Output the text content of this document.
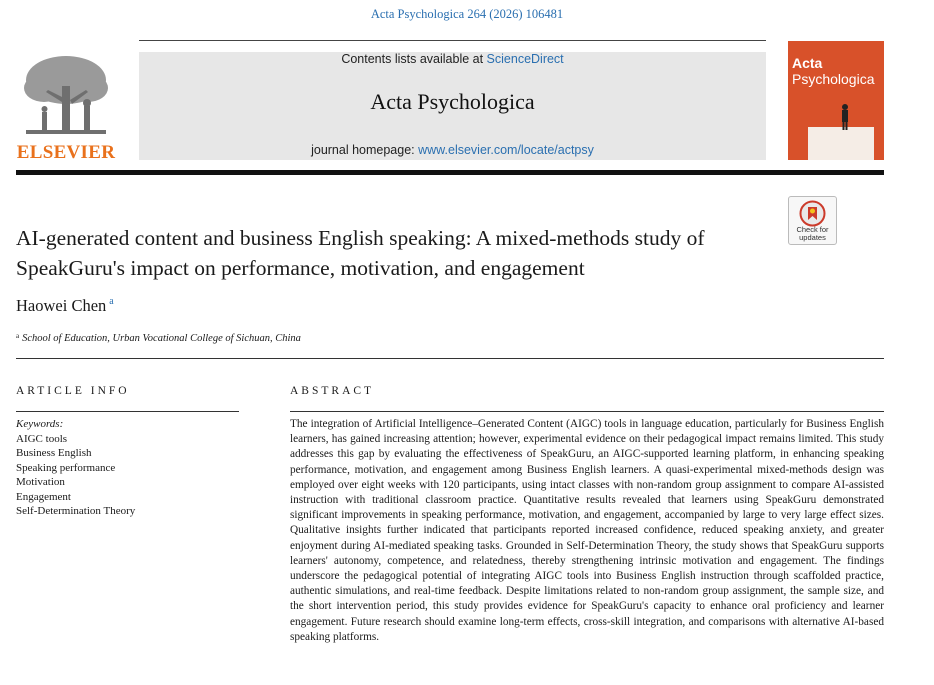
Acta Psychologica 264 (2026) 106481
ELSEVIER
Contents lists available at ScienceDirect
Acta Psychologica
journal homepage: www.elsevier.com/locate/actpsy
Acta
Psychologica
Check for updates
AI-generated content and business English speaking: A mixed-methods study of SpeakGuru's impact on performance, motivation, and engagement
Haowei Chen $^a$
$^a$ School of Education, Urban Vocational College of Sichuan, China
ARTICLE INFO	ABSTRACT
Keywords:
AIGC tools
Business English
Speaking performance
Motivation
Engagement
Self-Determination Theory
The integration of Artificial Intelligence–Generated Content (AIGC) tools in language education, particularly for Business English learners, has gained increasing attention; however, experimental evidence on their pedagogical impact remains limited. This study addresses this gap by evaluating the effectiveness of SpeakGuru, an AIGC-supported learning platform, in enhancing speaking performance, motivation, and engagement among Business English learners. A quasi-experimental mixed-methods design was employed over eight weeks with 120 participants, using intact classes with non-random group assignment to compare AI-assisted instruction with traditional classroom practice. Quantitative results revealed that learners using SpeakGuru demonstrated significant improvements in speaking performance, motivation, and engagement, accompanied by large to very large effect sizes. Qualitative insights further indicated that participants reported increased confidence, reduced speaking anxiety, and greater enjoyment during AI-mediated speaking tasks. Grounded in Self-Determination Theory, the study shows that SpeakGuru supports learners' autonomy, competence, and relatedness, thereby strengthening intrinsic motivation and engagement. The findings underscore the pedagogical potential of integrating AIGC tools into Business English instruction through scaffolded practice, authentic simulations, and real-time feedback. Despite limitations related to non-random group assignment, the sample size, and the short intervention period, this study provides evidence for SpeakGuru's capacity to enhance oral proficiency and learner engagement. Future research should examine long-term effects, cross-skill integration, and comparisons with alternative AI-based speaking platforms.
